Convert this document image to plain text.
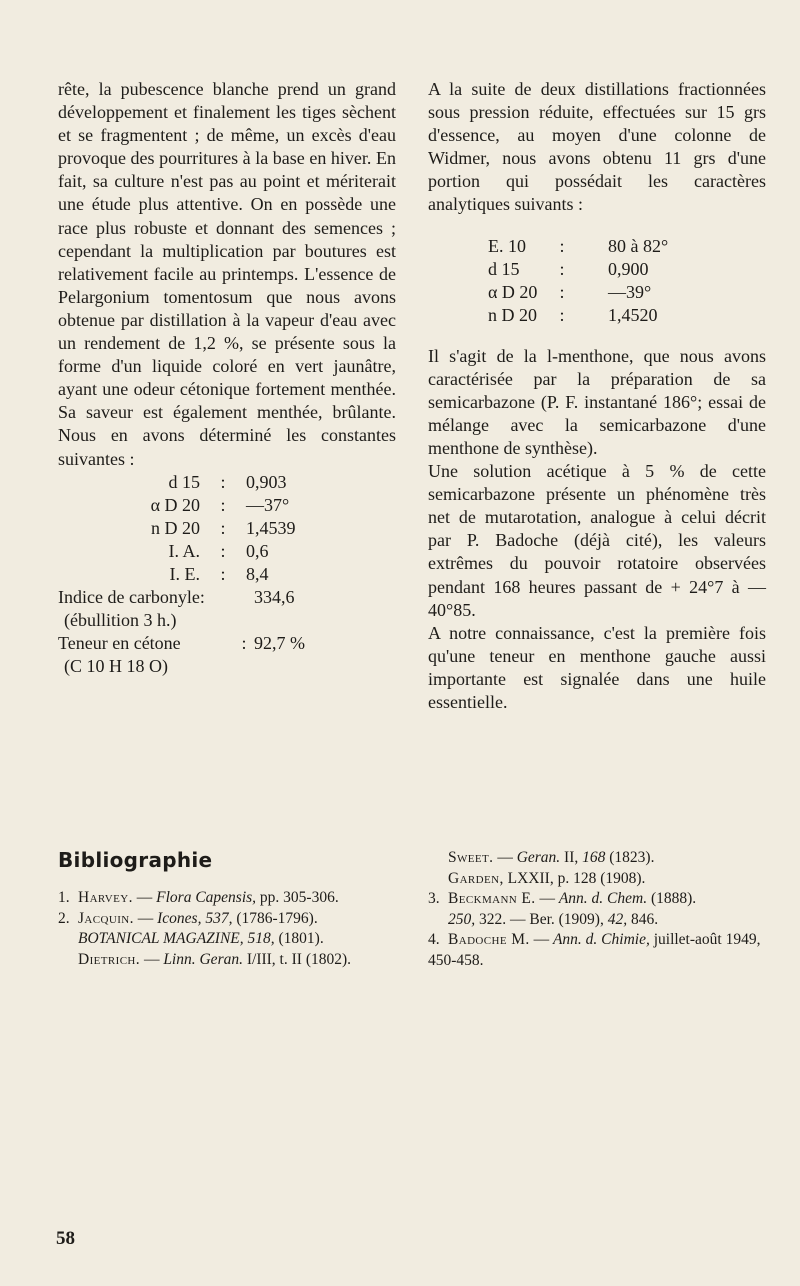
rête, la pubescence blanche prend un grand développement et finalement les tiges sèchent et se fragmentent ; de même, un excès d'eau provoque des pourritures à la base en hiver. En fait, sa culture n'est pas au point et mériterait une étude plus attentive. On en possède une race plus robuste et donnant des semences ; cependant la multiplication par boutures est relativement facile au printemps. L'essence de Pelargonium tomentosum que nous avons obtenue par distillation à la vapeur d'eau avec un rendement de 1,2 %, se présente sous la forme d'un liquide coloré en vert jaunâtre, ayant une odeur cétonique fortement menthée. Sa saveur est également menthée, brûlante. Nous en avons déterminé les constantes suivantes :

d 15	:	0,903
α D 20	:	—37°
n D 20	:	1,4539
I. A.	:	0,6
I. E.	:	8,4
Indice de carbonyle:	334,6
(ébullition 3 h.)
Teneur en cétone	: 92,7 %
(C 10 H 18 O)

A la suite de deux distillations fractionnées sous pression réduite, effectuées sur 15 grs d'essence, au moyen d'une colonne de Widmer, nous avons obtenu 11 grs d'une portion qui possédait les caractères analytiques suivants :

E. 10	:	80 à 82°
d 15	:	0,900
α D 20	:	—39°
n D 20	:	1,4520

Il s'agit de la l-menthone, que nous avons caractérisée par la préparation de sa semicarbazone (P. F. instantané 186°; essai de mélange avec la semicarbazone d'une menthone de synthèse).

Une solution acétique à 5 % de cette semicarbazone présente un phénomène très net de mutarotation, analogue à celui décrit par P. Badoche (déjà cité), les valeurs extrêmes du pouvoir rotatoire observées pendant 168 heures passant de + 24°7 à —40°85.

A notre connaissance, c'est la première fois qu'une teneur en menthone gauche aussi importante est signalée dans une huile essentielle.

Bibliographie

1. Harvey. — Flora Capensis, pp. 305-306.

2. Jacquin. — Icones, 537, (1786-1796).
BOTANICAL MAGAZINE, 518, (1801).
Dietrich. — Linn. Geran. I/III, t. II (1802).

Sweet. — Geran. II, 168 (1823).
Garden, LXXII, p. 128 (1908).

3. Beckmann E. — Ann. d. Chem. (1888).
250, 322. — Ber. (1909), 42, 846.

4. Badoche M. — Ann. d. Chimie, juillet-août 1949, 450-458.

58
